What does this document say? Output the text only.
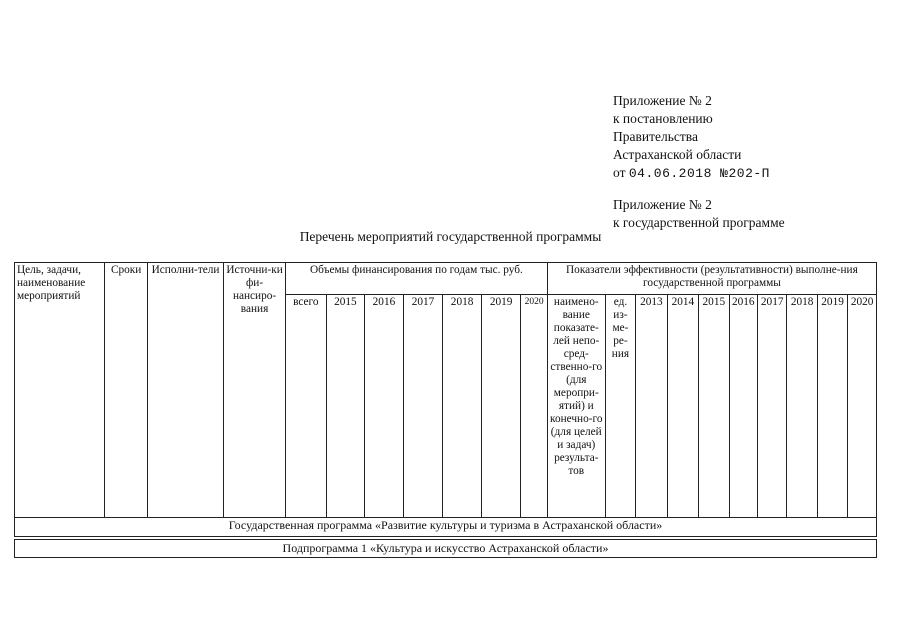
Приложение № 2
к постановлению
Правительства
Астраханской области
от 04.06.2018 №202-П
Приложение № 2
к государственной программе
Перечень мероприятий государственной программы
Цель, задачи, наименование мероприятий	Сроки	Исполни-тели	Источни-ки фи-нансиро-вания	Объемы финансирования по годам тыс. руб.							Показатели эффективности (результативности) выполне-ния государственной программы									
				всего	2015	2016	2017	2018	2019	2020	наимено-вание показате-лей непо-сред-ственно-го (для меропри-ятий) и конечно-го (для целей и задач) результа-тов	ед. из-ме-ре-ния	2013	2014	2015	2016	2017	2018	2019	2020
Государственная программа «Развитие культуры и туризма в Астраханской области»																				
Подпрограмма 1 «Культура и искусство Астраханской области»
